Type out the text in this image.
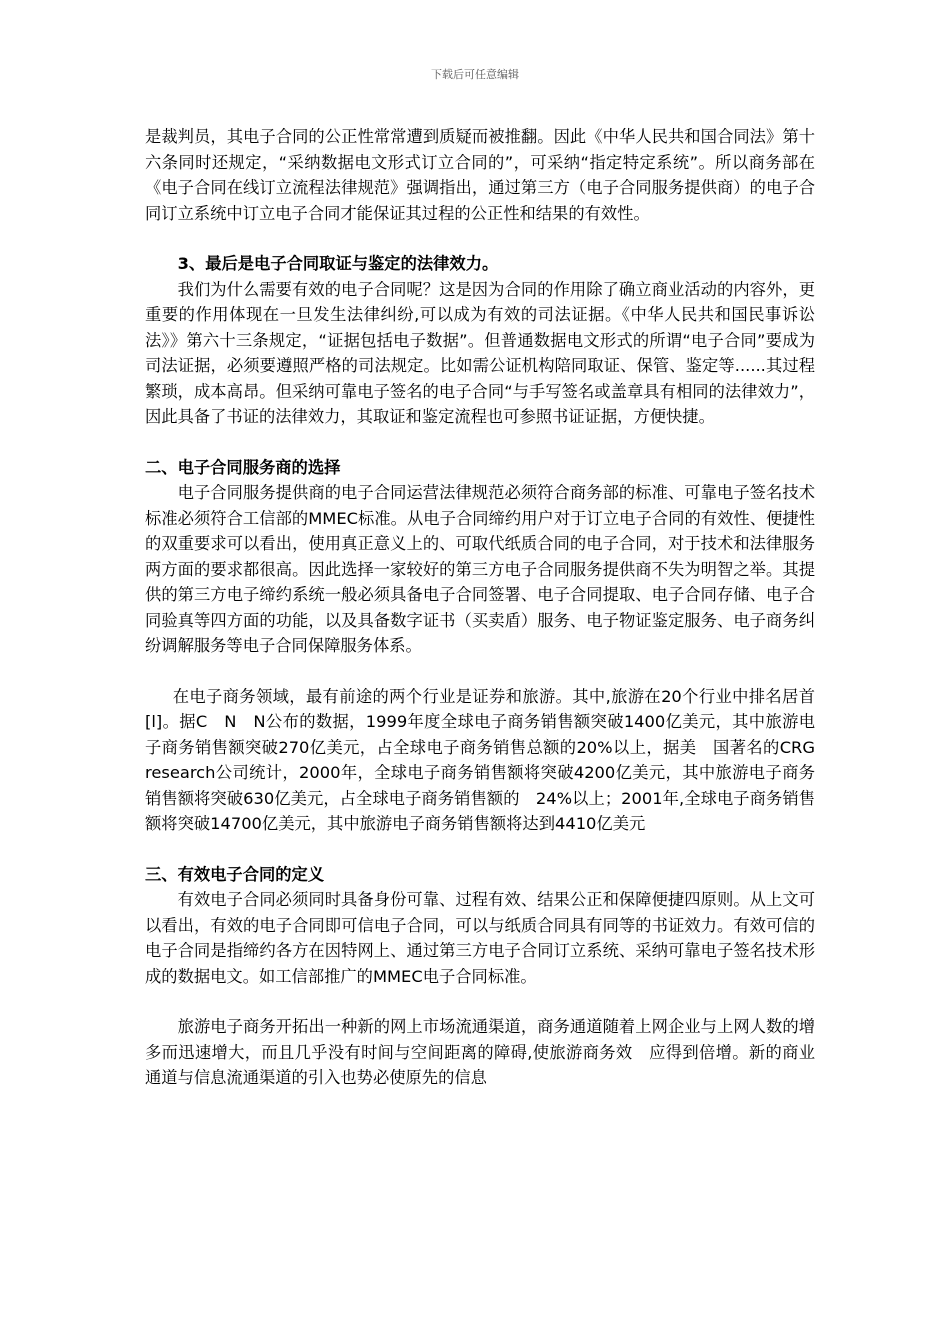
下载后可任意编辑

是裁判员，其电子合同的公正性常常遭到质疑而被推翻。因此《中华人民共和国合同法》第十六条同时还规定，“采纳数据电文形式订立合同的”，可采纳“指定特定系统”。所以商务部在《电子合同在线订立流程法律规范》强调指出，通过第三方（电子合同服务提供商）的电子合同订立系统中订立电子合同才能保证其过程的公正性和结果的有效性。

3、最后是电子合同取证与鉴定的法律效力。

我们为什么需要有效的电子合同呢？这是因为合同的作用除了确立商业活动的内容外，更重要的作用体现在一旦发生法律纠纷,可以成为有效的司法证据。《中华人民共和国民事诉讼法》》第六十三条规定，“证据包括电子数据”。但普通数据电文形式的所谓“电子合同”要成为司法证据，必须要遵照严格的司法规定。比如需公证机构陪同取证、保管、鉴定等......其过程繁琐，成本高昂。但采纳可靠电子签名的电子合同“与手写签名或盖章具有相同的法律效力”，因此具备了书证的法律效力，其取证和鉴定流程也可参照书证证据，方便快捷。

二、电子合同服务商的选择

电子合同服务提供商的电子合同运营法律规范必须符合商务部的标准、可靠电子签名技术标准必须符合工信部的MMEC标准。从电子合同缔约用户对于订立电子合同的有效性、便捷性的双重要求可以看出，使用真正意义上的、可取代纸质合同的电子合同，对于技术和法律服务两方面的要求都很高。因此选择一家较好的第三方电子合同服务提供商不失为明智之举。其提供的第三方电子缔约系统一般必须具备电子合同签署、电子合同提取、电子合同存储、电子合同验真等四方面的功能，以及具备数字证书（买卖盾）服务、电子物证鉴定服务、电子商务纠纷调解服务等电子合同保障服务体系。

在电子商务领域，最有前途的两个行业是证券和旅游。其中,旅游在20个行业中排名居首[l]。据C　N　N公布的数据，1999年度全球电子商务销售额突破1400亿美元，其中旅游电子商务销售额突破270亿美元，占全球电子商务销售总额的20%以上，据美　国著名的CRG　research公司统计，2000年，全球电子商务销售额将突破4200亿美元，其中旅游电子商务销售额将突破630亿美元，占全球电子商务销售额的　24%以上；2001年,全球电子商务销售额将突破14700亿美元，其中旅游电子商务销售额将达到4410亿美元

三、有效电子合同的定义

有效电子合同必须同时具备身份可靠、过程有效、结果公正和保障便捷四原则。从上文可以看出，有效的电子合同即可信电子合同，可以与纸质合同具有同等的书证效力。有效可信的电子合同是指缔约各方在因特网上、通过第三方电子合同订立系统、采纳可靠电子签名技术形成的数据电文。如工信部推广的MMEC电子合同标准。

旅游电子商务开拓出一种新的网上市场流通渠道，商务通道随着上网企业与上网人数的增多而迅速增大，而且几乎没有时间与空间距离的障碍,使旅游商务效　应得到倍增。新的商业通道与信息流通渠道的引入也势必使原先的信息
